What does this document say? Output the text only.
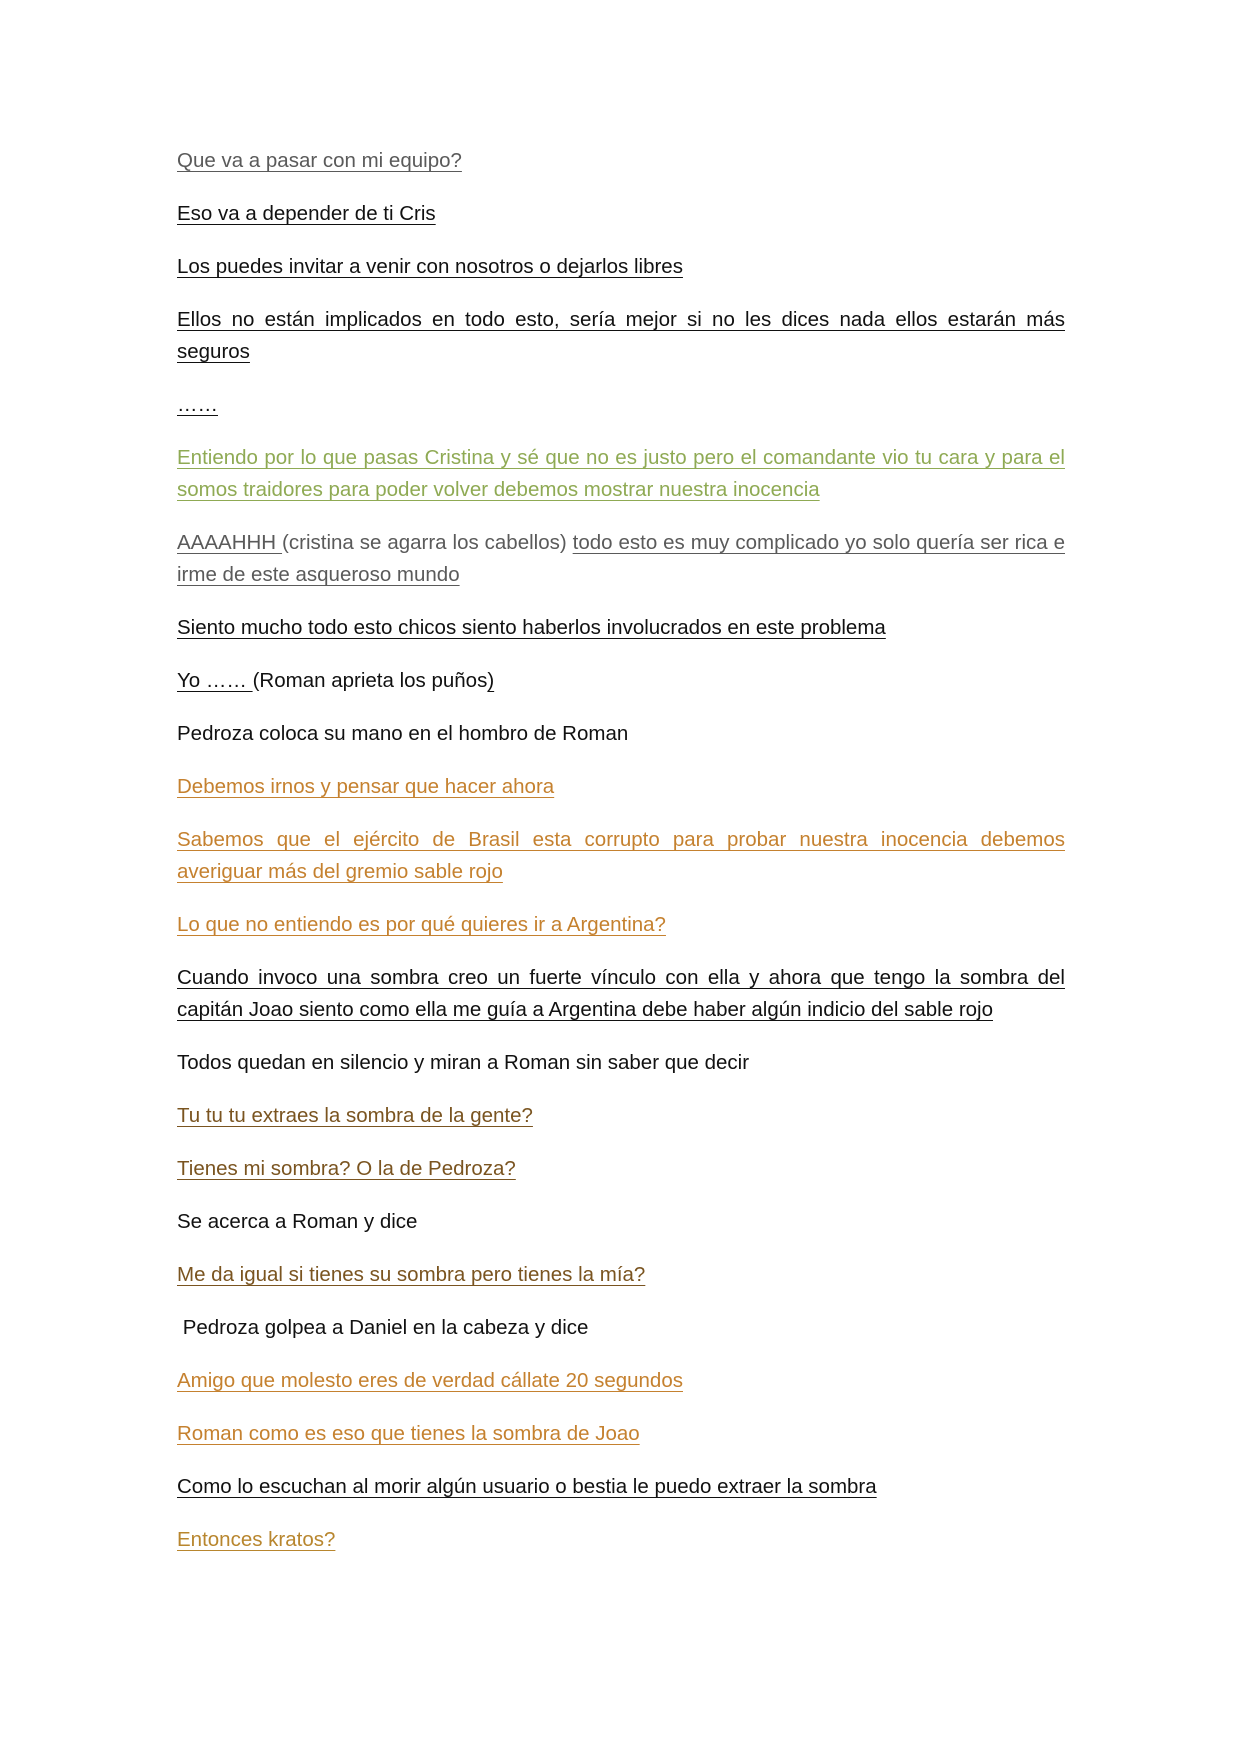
Que va a pasar con mi equipo?

Eso va a depender de ti Cris

Los puedes invitar a venir con nosotros o dejarlos libres

Ellos no están implicados en todo esto, sería mejor si no les dices nada ellos estarán más seguros

……

Entiendo por lo que pasas Cristina y sé que no es justo pero el comandante vio tu cara y para el somos traidores para poder volver debemos mostrar nuestra inocencia

AAAAHHH (cristina se agarra los cabellos) todo esto es muy complicado yo solo quería ser rica e irme de este asqueroso mundo

Siento mucho todo esto chicos siento haberlos involucrados en este problema

Yo …… (Roman aprieta los puños)

Pedroza coloca su mano en el hombro de Roman

Debemos irnos y pensar que hacer ahora

Sabemos que el ejército de Brasil esta corrupto para probar nuestra inocencia debemos averiguar más del gremio sable rojo

Lo que no entiendo es por qué quieres ir a Argentina?

Cuando invoco una sombra creo un fuerte vínculo con ella y ahora que tengo la sombra del capitán Joao siento como ella me guía a Argentina debe haber algún indicio del sable rojo

Todos quedan en silencio y miran a Roman sin saber que decir

Tu tu tu extraes la sombra de la gente?

Tienes mi sombra? O la de Pedroza?

Se acerca a Roman y dice

Me da igual si tienes su sombra pero tienes la mía?

Pedroza golpea a Daniel en la cabeza y dice

Amigo que molesto eres de verdad cállate 20 segundos

Roman como es eso que tienes la sombra de Joao

Como lo escuchan al morir algún usuario o bestia le puedo extraer la sombra

Entonces kratos?
